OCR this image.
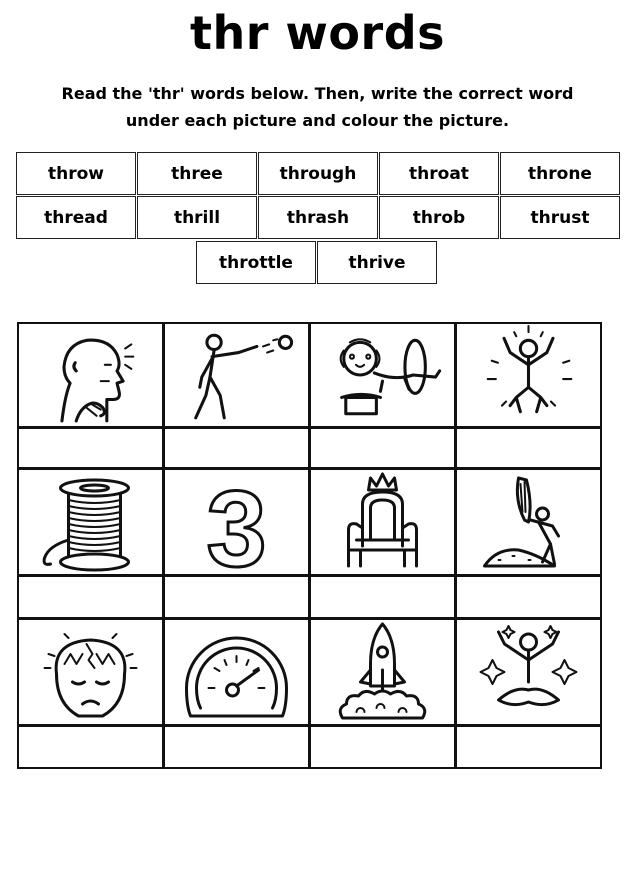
thr words
Read the 'thr' words below. Then, write the correct word
under each picture and colour the picture.
throw	three	through	throat	throne
thread	thrill	thrash	throb	thrust
throttle	thrive
3
